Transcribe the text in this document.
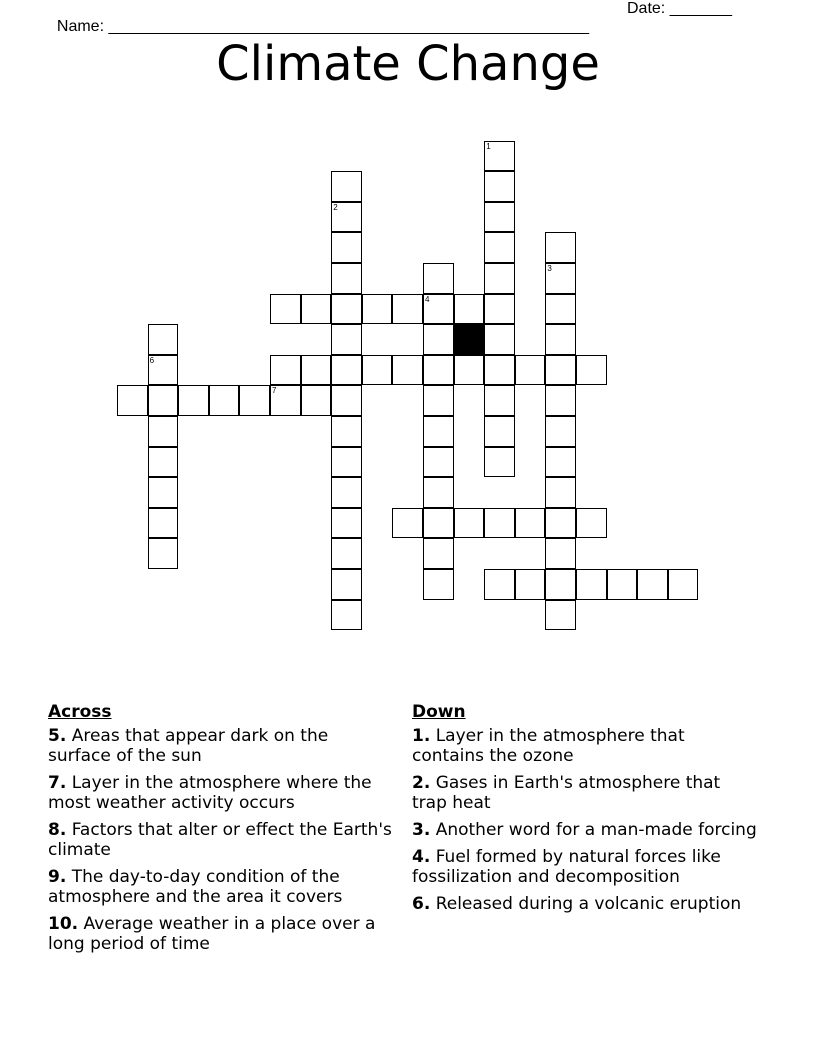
Name: ______________________________________________________

Date: _______

Climate Change
1
2
3
4
6
7
Across
5. Areas that appear dark on the surface of the sun
7. Layer in the atmosphere where the most weather activity occurs
8. Factors that alter or effect the Earth's climate
9. The day-to-day condition of the atmosphere and the area it covers
10. Average weather in a place over a long period of time
Down
1. Layer in the atmosphere that contains the ozone
2. Gases in Earth's atmosphere that trap heat
3. Another word for a man-made forcing
4. Fuel formed by natural forces like fossilization and decomposition
6. Released during a volcanic eruption
